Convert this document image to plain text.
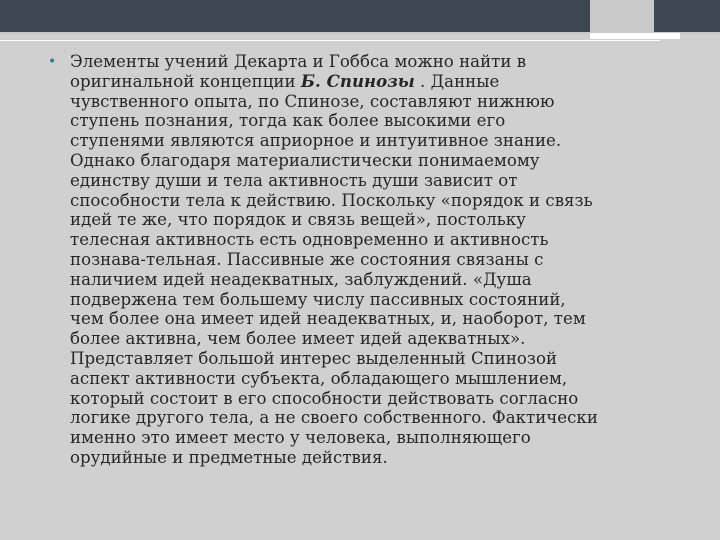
• Элементы учений Декарта и Гоббса можно найти в
оригинальной концепции Б. Спинозы . Данные
чувственного опыта, по Спинозе, составляют нижнюю
ступень познания, тогда как более высокими его
ступенями являются априорное и интуитивное знание.
Однако благодаря материалистически понимаемому
единству души и тела активность души зависит от
способности тела к действию. Поскольку «порядок и связь
идей те же, что порядок и связь вещей», постольку
телесная активность есть одновременно и активность
познава-тельная. Пассивные же состояния связаны с
наличием идей неадекватных, заблуждений. «Душа
подвержена тем большему числу пассивных состояний,
чем более она имеет идей неадекватных, и, наоборот, тем
более активна, чем более имеет идей адекватных».
Представляет большой интерес выделенный Спинозой
аспект активности субъекта, обладающего мышлением,
который состоит в его способности действовать согласно
логике другого тела, а не своего собственного. Фактически
именно это имеет место у человека, выполняющего
орудийные и предметные действия.
